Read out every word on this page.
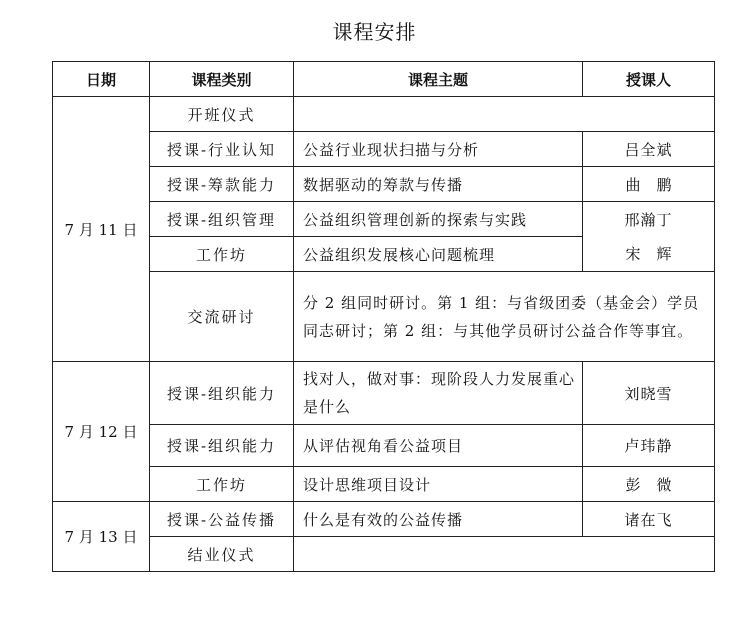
课程安排
日期	课程类别	课程主题	授课人
7 月 11 日	开班仪式		
	授课-行业认知	公益行业现状扫描与分析	吕全斌
	授课-筹款能力	数据驱动的筹款与传播	曲鹏
	授课-组织管理	公益组织管理创新的探索与实践	邢瀚丁
	工作坊	公益组织发展核心问题梳理	宋辉
	交流研讨	分 2 组同时研讨。第 1 组：与省级团委（基金会）学员同志研讨；第 2 组：与其他学员研讨公益合作等事宜。	
7 月 12 日	授课-组织能力	找对人，做对事：现阶段人力发展重心是什么	刘晓雪
	授课-组织能力	从评估视角看公益项目	卢玮静
	工作坊	设计思维项目设计	彭微
7 月 13 日	授课-公益传播	什么是有效的公益传播	诸在飞
	结业仪式		
